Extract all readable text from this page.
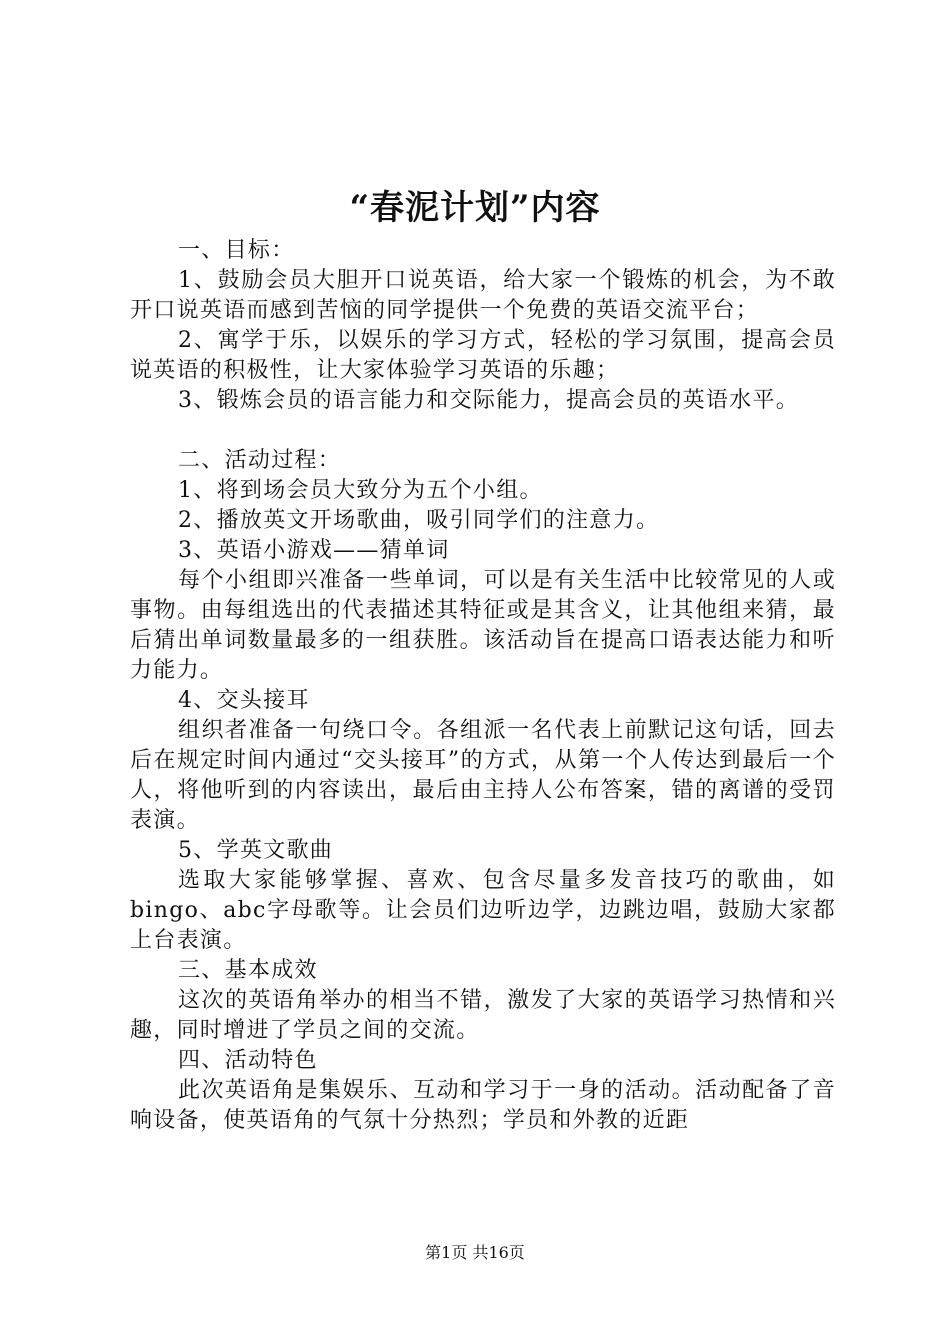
“春泥计划”内容

一、目标：

1、鼓励会员大胆开口说英语，给大家一个锻炼的机会，为不敢开口说英语而感到苦恼的同学提供一个免费的英语交流平台；

2、寓学于乐，以娱乐的学习方式，轻松的学习氛围，提高会员说英语的积极性，让大家体验学习英语的乐趣；

3、锻炼会员的语言能力和交际能力，提高会员的英语水平。

二、活动过程：

1、将到场会员大致分为五个小组。

2、播放英文开场歌曲，吸引同学们的注意力。

3、英语小游戏——猜单词

每个小组即兴准备一些单词，可以是有关生活中比较常见的人或事物。由每组选出的代表描述其特征或是其含义，让其他组来猜，最后猜出单词数量最多的一组获胜。该活动旨在提高口语表达能力和听力能力。

4、交头接耳

组织者准备一句绕口令。各组派一名代表上前默记这句话，回去后在规定时间内通过“交头接耳”的方式，从第一个人传达到最后一个人，将他听到的内容读出，最后由主持人公布答案，错的离谱的受罚表演。

5、学英文歌曲

选取大家能够掌握、喜欢、包含尽量多发音技巧的歌曲，如bingo、abc字母歌等。让会员们边听边学，边跳边唱，鼓励大家都上台表演。

三、基本成效

这次的英语角举办的相当不错，激发了大家的英语学习热情和兴趣，同时增进了学员之间的交流。

四、活动特色

此次英语角是集娱乐、互动和学习于一身的活动。活动配备了音响设备，使英语角的气氛十分热烈；学员和外教的近距

第1页 共16页
